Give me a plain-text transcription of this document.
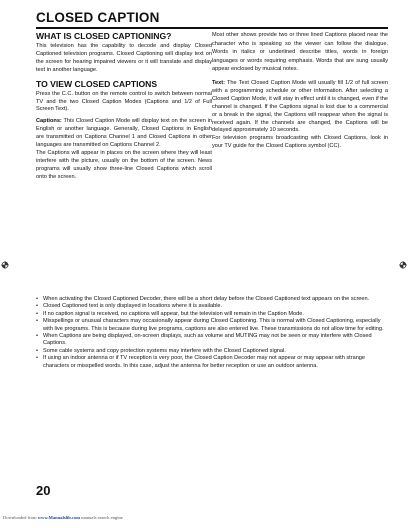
CLOSED CAPTION
WHAT IS CLOSED CAPTIONING?

This television has the capability to decode and display Closed Captioned television programs. Closed Captioning will display text on the screen for hearing impaired viewers or it will translate and display text in another language.

TO VIEW CLOSED CAPTIONS

Press the C.C. button on the remote control to switch between normal TV and the two Closed Caption Modes (Captions and 1/2 of Full Screen Text).

Captions: This Closed Caption Mode will display text on the screen in English or another language. Generally, Closed Captions in English are transmitted on Captions Channel 1 and Closed Captions in other languages are transmitted on Captions Channel 2.

The Captions will appear in places on the screen where they will least interfere with the picture, usually on the bottom of the screen. News programs will usually show three-line Closed Captions which scroll onto the screen.

Most other shows provide two or three lined Captions placed near the character who is speaking so the viewer can follow the dialogue. Words in italics or underlined describe titles, words in foreign languages or words requiring emphasis. Words that are sung usually appear enclosed by musical notes.

Text: The Text Closed Caption Mode will usually fill 1/2 of full screen with a programming schedule or other information. After selecting a Closed Caption Mode, it will stay in effect until it is changed, even if the channel is changed. If the Captions signal is lost due to a commercial or a break in the signal, the Captions will reappear when the signal is received again. If the channels are changed, the Captions will be delayed approximately 10 seconds.

For television programs broadcasting with Closed Captions, look in your TV guide for the Closed Captions symbol (CC).

• When activating the Closed Captioned Decoder, there will be a short delay before the Closed Captioned text appears on the screen.
• Closed Captioned text is only displayed in locations where it is available.
• If no caption signal is received, no captions will appear, but the television will remain in the Caption Mode.
• Misspellings or unusual characters may occasionally appear during Closed Captioning. This is normal with Closed Captioning, especially with live programs. This is because during live programs, captions are also entered live. These transmissions do not allow time for editing.
• When Captions are being displayed, on-screen displays, such as volume and MUTING may not be seen or may interfere with Closed Captions.
• Some cable systems and copy protection systems may interfere with the Closed Captioned signal.
• If using an indoor antenna or if TV reception is very poor, the Closed Caption Decoder may not appear or may appear with strange characters or misspelled words. In this case, adjust the antenna for better reception or use an outdoor antenna.
20
Downloaded from www.Manualslib.com manuals search engine
